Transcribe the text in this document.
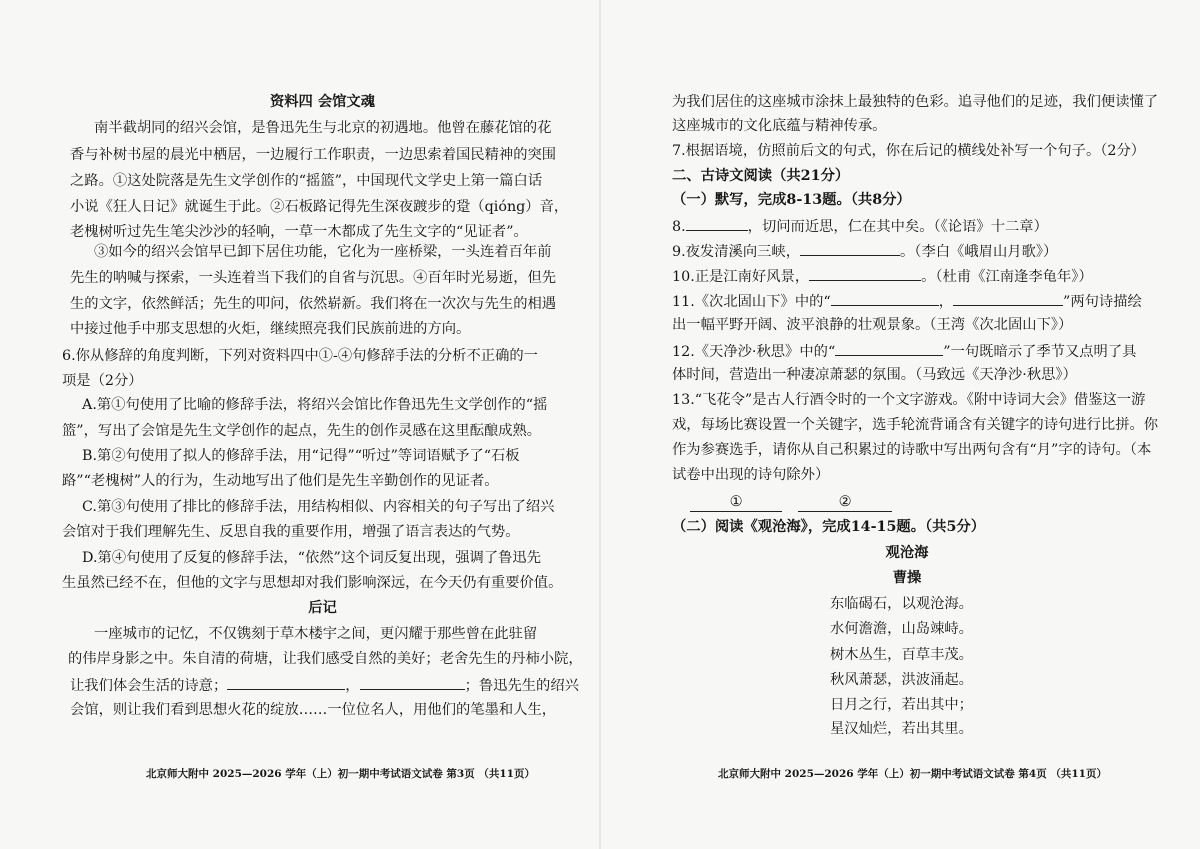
资料四 会馆文魂
南半截胡同的绍兴会馆，是鲁迅先生与北京的初遇地。他曾在藤花馆的花
香与补树书屋的晨光中栖居，一边履行工作职责，一边思索着国民精神的突围
之路。①这处院落是先生文学创作的“摇篮”，中国现代文学史上第一篇白话
小说《狂人日记》就诞生于此。②石板路记得先生深夜踱步的跫（qióng）音，
老槐树听过先生笔尖沙沙的轻响，一草一木都成了先生文字的“见证者”。
③如今的绍兴会馆早已卸下居住功能，它化为一座桥梁，一头连着百年前
先生的呐喊与探索，一头连着当下我们的自省与沉思。④百年时光易逝，但先
生的文字，依然鲜活；先生的叩问，依然崭新。我们将在一次次与先生的相遇
中接过他手中那支思想的火炬，继续照亮我们民族前进的方向。
6.你从修辞的角度判断，下列对资料四中①-④句修辞手法的分析不正确的一
项是（2分）
A.第①句使用了比喻的修辞手法，将绍兴会馆比作鲁迅先生文学创作的“摇
篮”，写出了会馆是先生文学创作的起点，先生的创作灵感在这里酝酿成熟。
B.第②句使用了拟人的修辞手法，用“记得”“听过”等词语赋予了“石板
路”“老槐树”人的行为，生动地写出了他们是先生辛勤创作的见证者。
C.第③句使用了排比的修辞手法，用结构相似、内容相关的句子写出了绍兴
会馆对于我们理解先生、反思自我的重要作用，增强了语言表达的气势。
D.第④句使用了反复的修辞手法，“依然”这个词反复出现，强调了鲁迅先
生虽然已经不在，但他的文字与思想却对我们影响深远，在今天仍有重要价值。
后记
一座城市的记忆，不仅镌刻于草木楼宇之间，更闪耀于那些曾在此驻留
的伟岸身影之中。朱自清的荷塘，让我们感受自然的美好；老舍先生的丹柿小院，
让我们体会生活的诗意；	，	；鲁迅先生的绍兴
会馆，则让我们看到思想火花的绽放……一位位名人，用他们的笔墨和人生，
北京师大附中 2025—2026 学年（上）初一期中考试语文试卷 第3页 （共11页）
为我们居住的这座城市涂抹上最独特的色彩。追寻他们的足迹，我们便读懂了
这座城市的文化底蕴与精神传承。
7.根据语境，仿照前后文的句式，你在后记的横线处补写一个句子。（2分）
二、古诗文阅读（共21分）
（一）默写，完成8-13题。（共8分）
8.	，切问而近思，仁在其中矣。（《论语》十二章）
9.夜发清溪向三峡，	。（李白《峨眉山月歌》）
10.正是江南好风景，	。（杜甫《江南逢李龟年》）
11.《次北固山下》中的“	，	”两句诗描绘
出一幅平野开阔、波平浪静的壮观景象。（王湾《次北固山下》）
12.《天净沙·秋思》中的“	”一句既暗示了季节又点明了具
体时间，营造出一种凄凉萧瑟的氛围。（马致远《天净沙·秋思》）
13.“飞花令”是古人行酒令时的一个文字游戏。《附中诗词大会》借鉴这一游
戏，每场比赛设置一个关键字，选手轮流背诵含有关键字的诗句进行比拼。你
作为参赛选手，请你从自己积累过的诗歌中写出两句含有“月”字的诗句。（本
试卷中出现的诗句除外）
①	②
（二）阅读《观沧海》，完成14-15题。（共5分）
观沧海
曹操
东临碣石，以观沧海。
水何澹澹，山岛竦峙。
树木丛生，百草丰茂。
秋风萧瑟，洪波涌起。
日月之行，若出其中；
星汉灿烂，若出其里。
北京师大附中 2025—2026 学年（上）初一期中考试语文试卷 第4页 （共11页）
